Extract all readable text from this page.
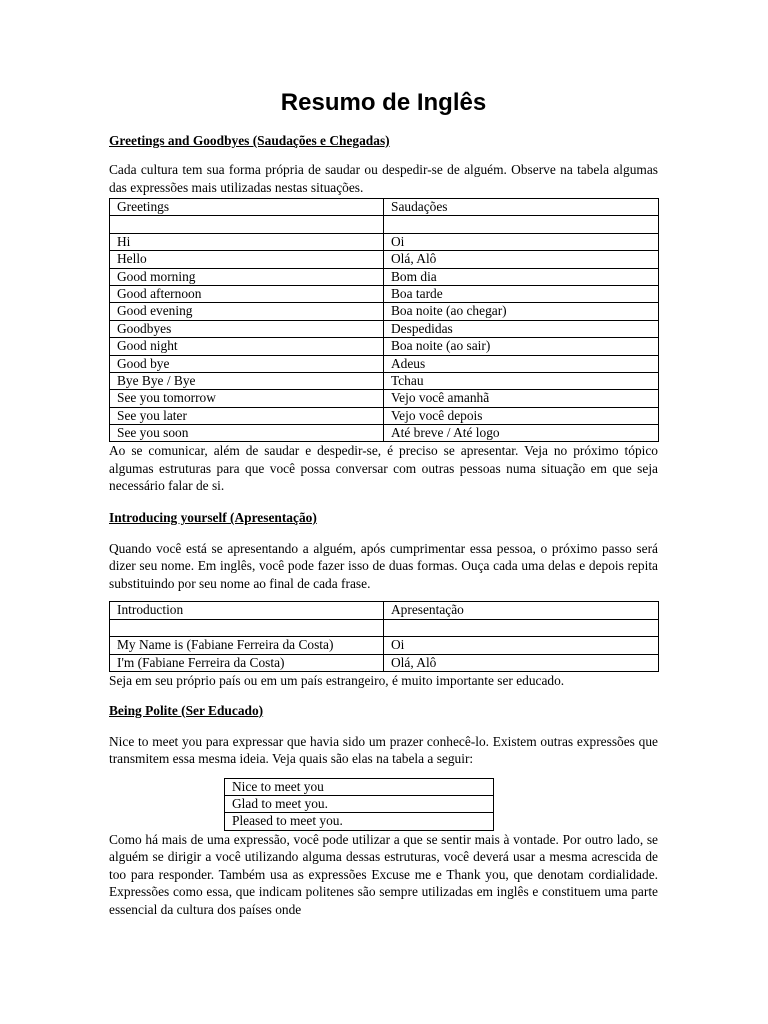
Resumo de Inglês
Greetings and Goodbyes (Saudações e Chegadas)

Cada cultura tem sua forma própria de saudar ou despedir-se de alguém. Observe na tabela algumas das expressões mais utilizadas nestas situações.

Greetings	Saudações

Hi	Oi
Hello	Olá, Alô
Good morning	Bom dia
Good afternoon	Boa tarde
Good evening	Boa noite (ao chegar)
Goodbyes	Despedidas
Good night	Boa noite (ao sair)
Good bye	Adeus
Bye Bye / Bye	Tchau
See you tomorrow	Vejo você amanhã
See you later	Vejo você depois
See you soon	Até breve / Até logo

Ao se comunicar, além de saudar e despedir-se, é preciso se apresentar. Veja no próximo tópico algumas estruturas para que você possa conversar com outras pessoas numa situação em que seja necessário falar de si.

Introducing yourself (Apresentação)

Quando você está se apresentando a alguém, após cumprimentar essa pessoa, o próximo passo será dizer seu nome. Em inglês, você pode fazer isso de duas formas. Ouça cada uma delas e depois repita substituindo por seu nome ao final de cada frase.

Introduction	Apresentação

My Name is (Fabiane Ferreira da Costa)	Oi
I'm (Fabiane Ferreira da Costa)	Olá, Alô

Seja em seu próprio país ou em um país estrangeiro, é muito importante ser educado.

Being Polite (Ser Educado)

Nice to meet you para expressar que havia sido um prazer conhecê-lo. Existem outras expressões que transmitem essa mesma ideia. Veja quais são elas na tabela a seguir:

Nice to meet you
Glad to meet you.
Pleased to meet you.

Como há mais de uma expressão, você pode utilizar a que se sentir mais à vontade. Por outro lado, se alguém se dirigir a você utilizando alguma dessas estruturas, você deverá usar a mesma acrescida de too para responder. Também usa as expressões Excuse me e Thank you, que denotam cordialidade. Expressões como essa, que indicam politenes são sempre utilizadas em inglês e constituem uma parte essencial da cultura dos países onde
